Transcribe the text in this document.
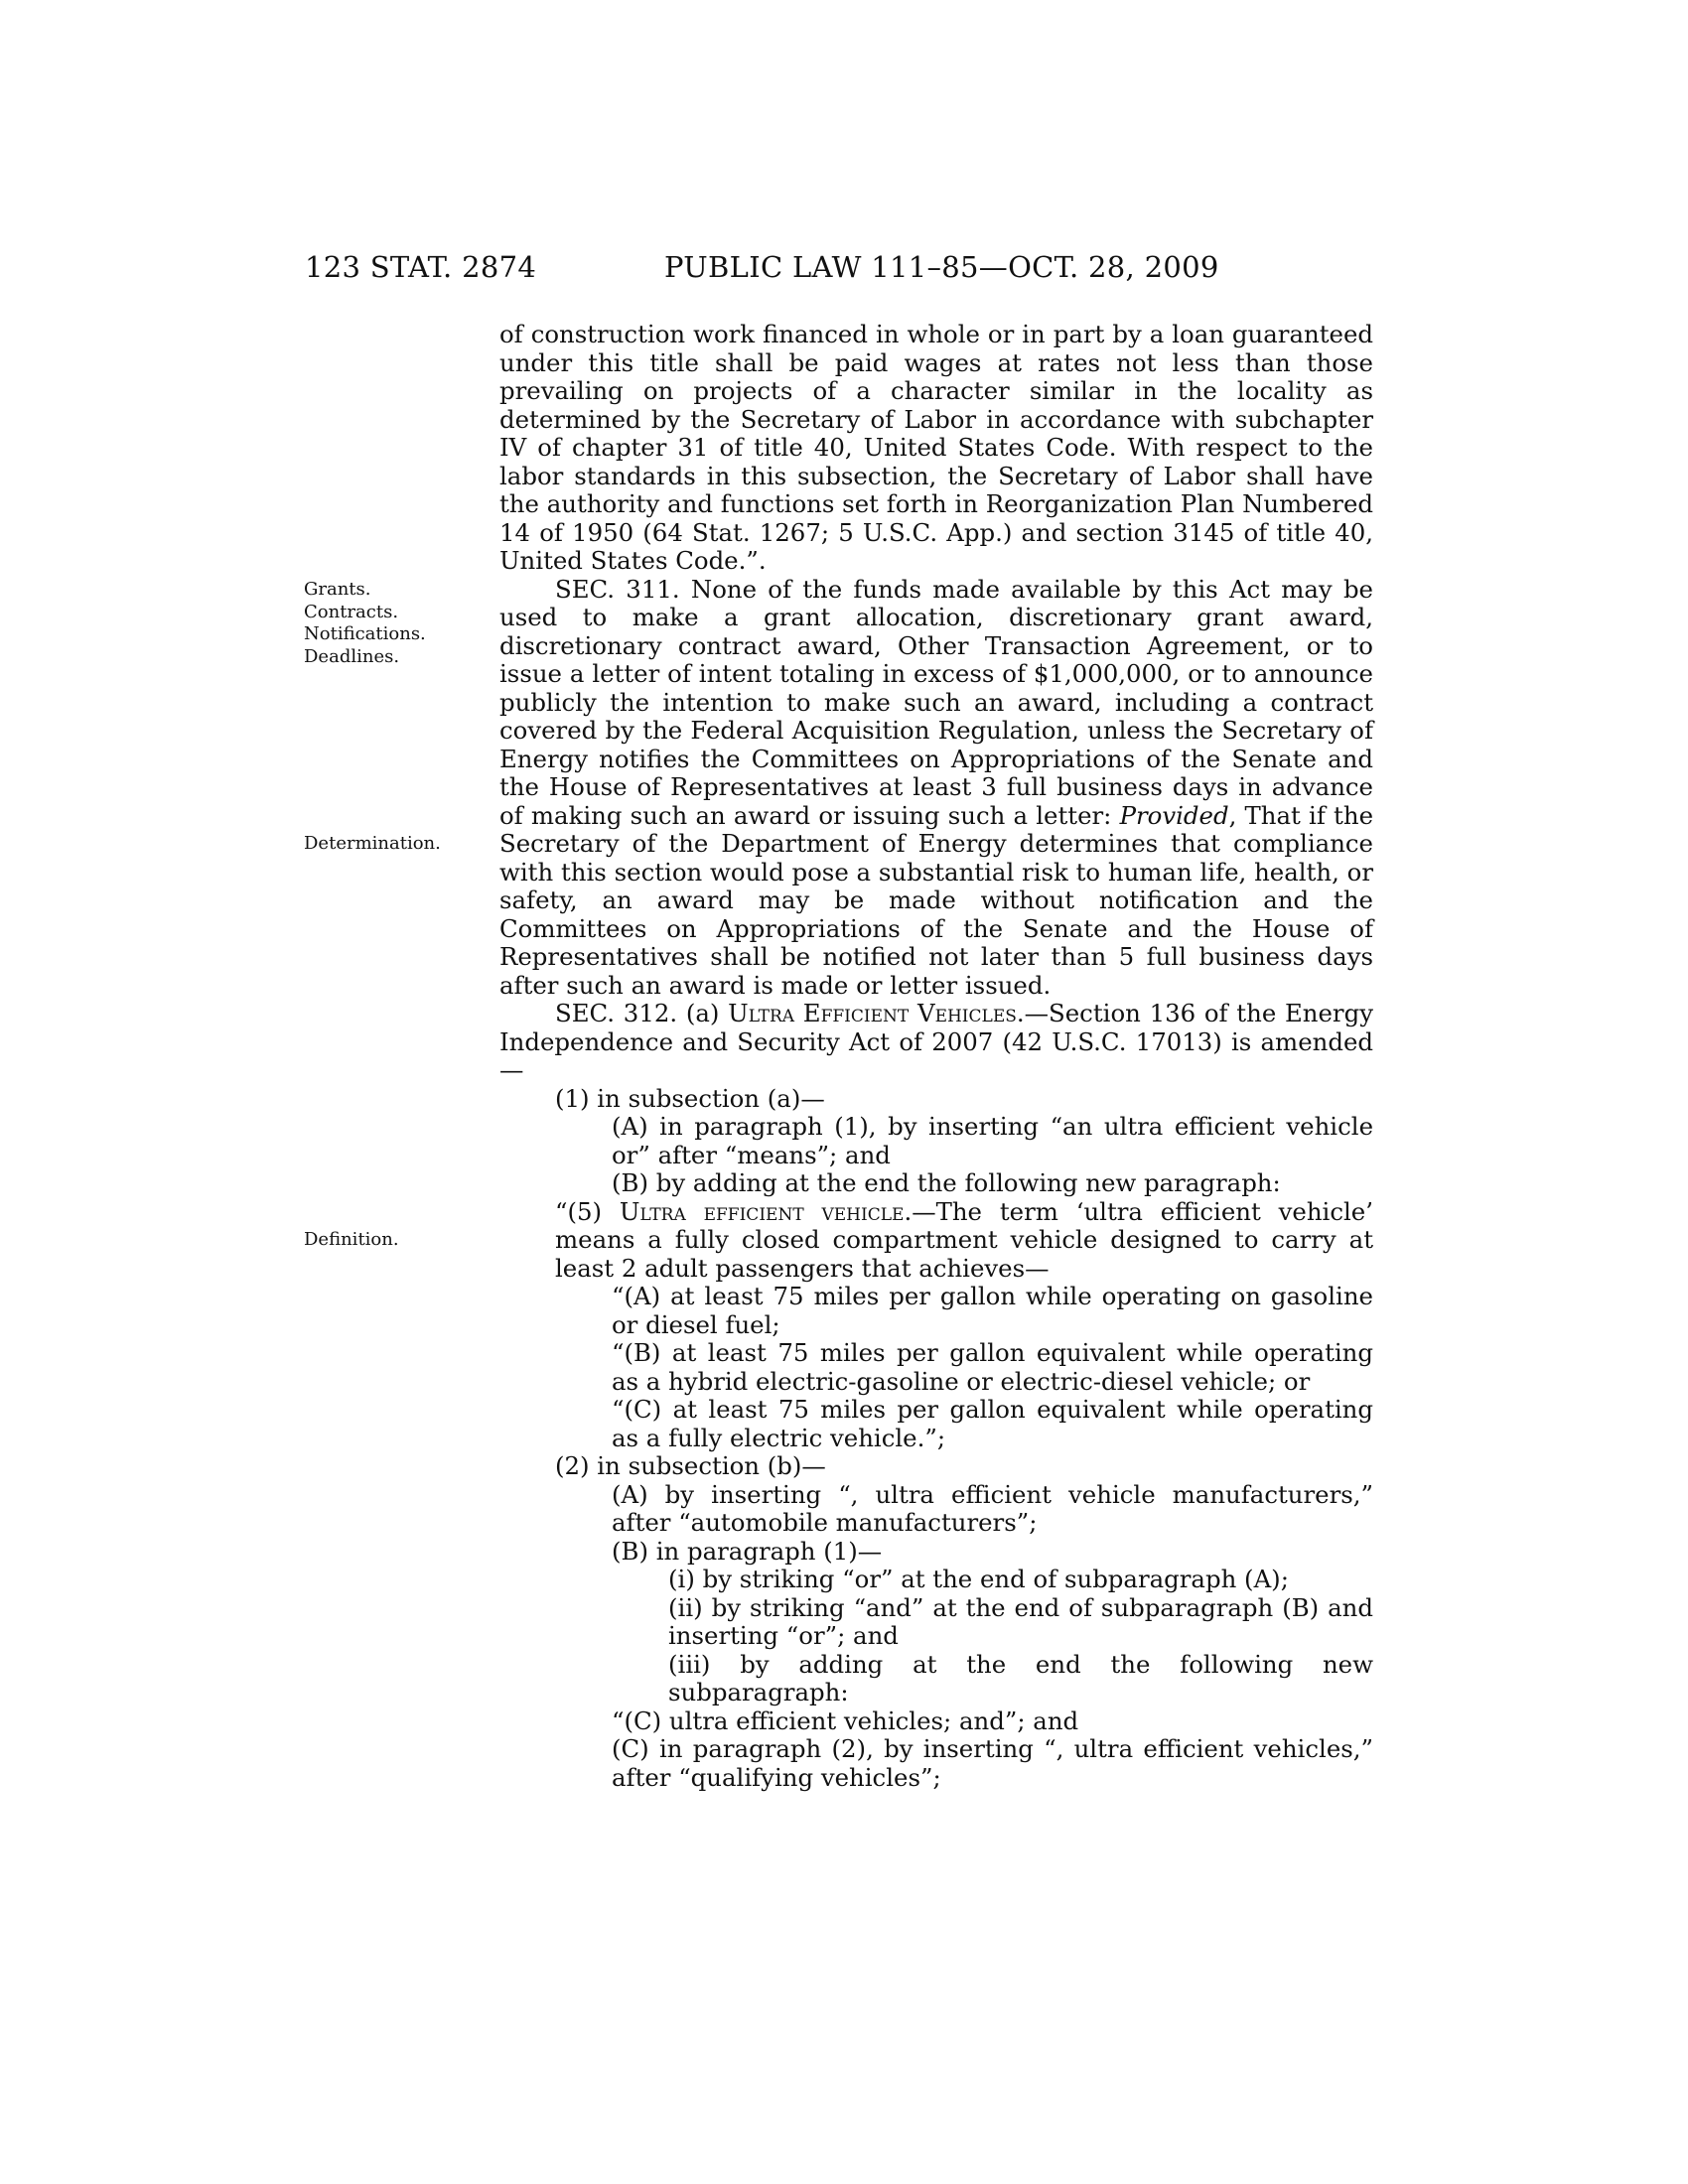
123 STAT. 2874	PUBLIC LAW 111–85—OCT. 28, 2009
Grants.
Contracts.
Notifications.
Deadlines.
Determination.
Definition.

of construction work financed in whole or in part by a loan guaranteed under this title shall be paid wages at rates not less than those prevailing on projects of a character similar in the locality as determined by the Secretary of Labor in accordance with subchapter IV of chapter 31 of title 40, United States Code. With respect to the labor standards in this subsection, the Secretary of Labor shall have the authority and functions set forth in Reorganization Plan Numbered 14 of 1950 (64 Stat. 1267; 5 U.S.C. App.) and section 3145 of title 40, United States Code.”.

SEC. 311. None of the funds made available by this Act may be used to make a grant allocation, discretionary grant award, discretionary contract award, Other Transaction Agreement, or to issue a letter of intent totaling in excess of $1,000,000, or to announce publicly the intention to make such an award, including a contract covered by the Federal Acquisition Regulation, unless the Secretary of Energy notifies the Committees on Appropriations of the Senate and the House of Representatives at least 3 full business days in advance of making such an award or issuing such a letter: Provided, That if the Secretary of the Department of Energy determines that compliance with this section would pose a substantial risk to human life, health, or safety, an award may be made without notification and the Committees on Appropriations of the Senate and the House of Representatives shall be notified not later than 5 full business days after such an award is made or letter issued.

SEC. 312. (a) Ultra Efficient Vehicles.—Section 136 of the Energy Independence and Security Act of 2007 (42 U.S.C. 17013) is amended—

(1) in subsection (a)—

(A) in paragraph (1), by inserting “an ultra efficient vehicle or” after “means”; and

(B) by adding at the end the following new paragraph:

“(5) Ultra efficient vehicle.—The term ‘ultra efficient vehicle’ means a fully closed compartment vehicle designed to carry at least 2 adult passengers that achieves—

“(A) at least 75 miles per gallon while operating on gasoline or diesel fuel;

“(B) at least 75 miles per gallon equivalent while operating as a hybrid electric-gasoline or electric-diesel vehicle; or

“(C) at least 75 miles per gallon equivalent while operating as a fully electric vehicle.”;

(2) in subsection (b)—

(A) by inserting “, ultra efficient vehicle manufacturers,” after “automobile manufacturers”;

(B) in paragraph (1)—

(i) by striking “or” at the end of subparagraph (A);

(ii) by striking “and” at the end of subparagraph (B) and inserting “or”; and

(iii) by adding at the end the following new subparagraph:

“(C) ultra efficient vehicles; and”; and

(C) in paragraph (2), by inserting “, ultra efficient vehicles,” after “qualifying vehicles”;
